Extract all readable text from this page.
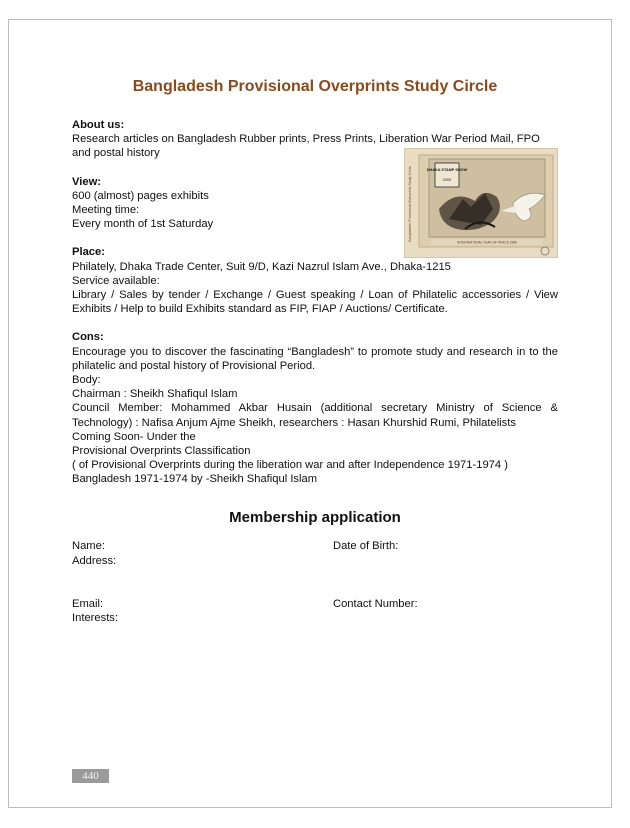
Bangladesh Provisional Overprints Study Circle

About us:

Research articles on Bangladesh Rubber prints, Press Prints, Liberation War Period Mail, FPO and postal history

View:

600 (almost) pages exhibits

Meeting time:

Every month of 1st Saturday

Place:

Philately, Dhaka Trade Center, Suit 9/D, Kazi Nazrul Islam Ave., Dhaka-1215

Service available:

Library / Sales by tender / Exchange / Guest speaking / Loan of Philatelic accessories / View Exhibits / Help to build Exhibits standard as FIP, FIAP / Auctions/ Certificate.

Cons:

Encourage you to discover the fascinating “Bangladesh” to promote study and research in to the philatelic and postal history of Provisional Period.

Body:

Chairman : Sheikh Shafiqul Islam

Council Member: Mohammed Akbar Husain (additional secretary Ministry of Science & Technology) : Nafisa Anjum Ajme Sheikh, researchers : Hasan Khurshid Rumi, Philatelists

Coming Soon- Under the

Provisional Overprints Classification

( of Provisional Overprints during the liberation war and after Independence 1971-1974 )

Bangladesh 1971-1974 by -Sheikh Shafiqul Islam

Bangladesh Provisional Overprints Study Circle	DHAKA STAMP SHOW
2009
INTERNATIONAL YEAR OF PEACE 1986
Membership application
Name:	Date of Birth:
Address:
Email:	Contact Number:
Interests:
440
